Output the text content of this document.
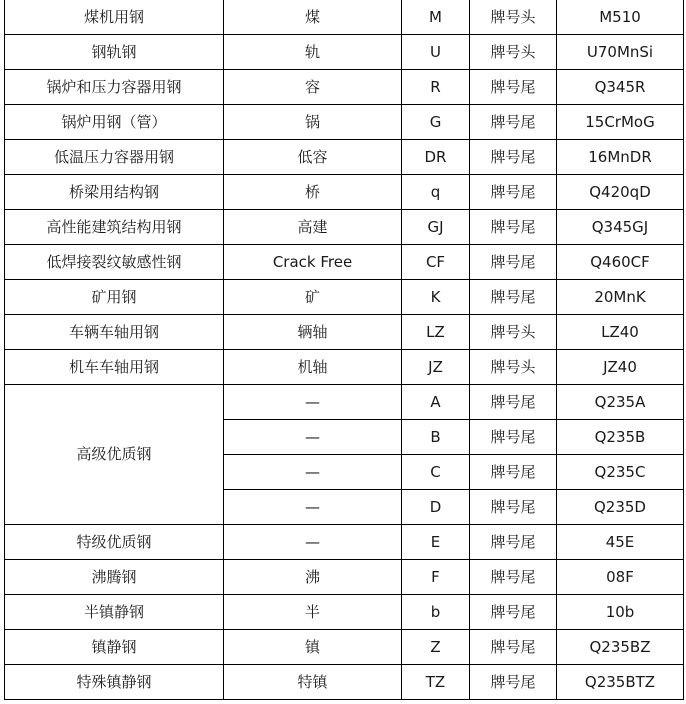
煤机用钢	煤	M	牌号头	M510
钢轨钢	轨	U	牌号头	U70MnSi
锅炉和压力容器用钢	容	R	牌号尾	Q345R
锅炉用钢（管）	锅	G	牌号尾	15CrMoG
低温压力容器用钢	低容	DR	牌号尾	16MnDR
桥梁用结构钢	桥	q	牌号尾	Q420qD
高性能建筑结构用钢	高建	GJ	牌号尾	Q345GJ
低焊接裂纹敏感性钢	Crack Free	CF	牌号尾	Q460CF
矿用钢	矿	K	牌号尾	20MnK
车辆车轴用钢	辆轴	LZ	牌号头	LZ40
机车车轴用钢	机轴	JZ	牌号头	JZ40
高级优质钢	—	A	牌号尾	Q235A
	—	B	牌号尾	Q235B
	—	C	牌号尾	Q235C
	—	D	牌号尾	Q235D
特级优质钢	—	E	牌号尾	45E
沸腾钢	沸	F	牌号尾	08F
半镇静钢	半	b	牌号尾	10b
镇静钢	镇	Z	牌号尾	Q235BZ
特殊镇静钢	特镇	TZ	牌号尾	Q235BTZ
